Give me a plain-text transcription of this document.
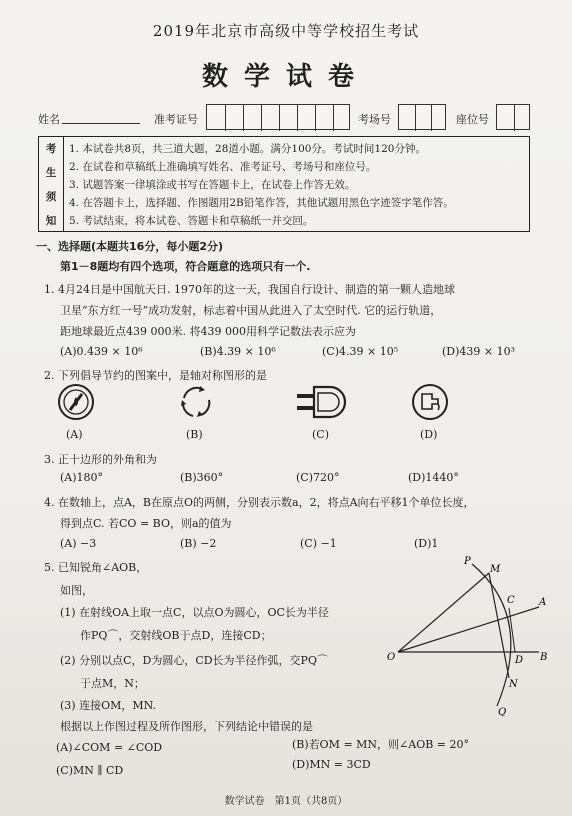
2019年北京市高级中等学校招生考试
数学试卷
姓名	准考证号	考场号	座位号
考
生
须
知
1. 本试卷共8页，共三道大题，28道小题。满分100分。考试时间120分钟。
2. 在试卷和草稿纸上准确填写姓名、准考证号、考场号和座位号。
3. 试题答案一律填涂或书写在答题卡上，在试卷上作答无效。
4. 在答题卡上，选择题、作图题用2B铅笔作答，其他试题用黑色字迹签字笔作答。
5. 考试结束，将本试卷、答题卡和草稿纸一并交回。
一、选择题(本题共16分，每小题2分)
第1－8题均有四个选项，符合题意的选项只有一个.
1. 4月24日是中国航天日. 1970年的这一天，我国自行设计、制造的第一颗人造地球
卫星“东方红一号”成功发射，标志着中国从此进入了太空时代. 它的运行轨道，
距地球最近点439 000米. 将439 000用科学记数法表示应为
(A)0.439 × 10⁶	(B)4.39 × 10⁶	(C)4.39 × 10⁵	(D)439 × 10³
2. 下列倡导节约的图案中，是轴对称图形的是
(A)	(B)	(C)	(D)
3. 正十边形的外角和为
(A)180°	(B)360°	(C)720°	(D)1440°
4. 在数轴上，点A，B在原点O的两侧，分别表示数a，2，将点A向右平移1个单位长度，
得到点C. 若CO = BO，则a的值为
(A) −3	(B) −2	(C) −1	(D)1
5. 已知锐角∠AOB，
如图，
(1) 在射线OA上取一点C，以点O为圆心，OC长为半径
作PQ⌒，交射线OB于点D，连接CD；
(2) 分别以点C，D为圆心，CD长为半径作弧，交PQ⌒
于点M，N；
(3) 连接OM，MN.
根据以上作图过程及所作图形，下列结论中错误的是
(A)∠COM = ∠COD	(B)若OM = MN，则∠AOB = 20°
(C)MN ∥ CD	(D)MN = 3CD
P
M
C A
O	D B
N
Q
数学试卷　第1页（共8页）
